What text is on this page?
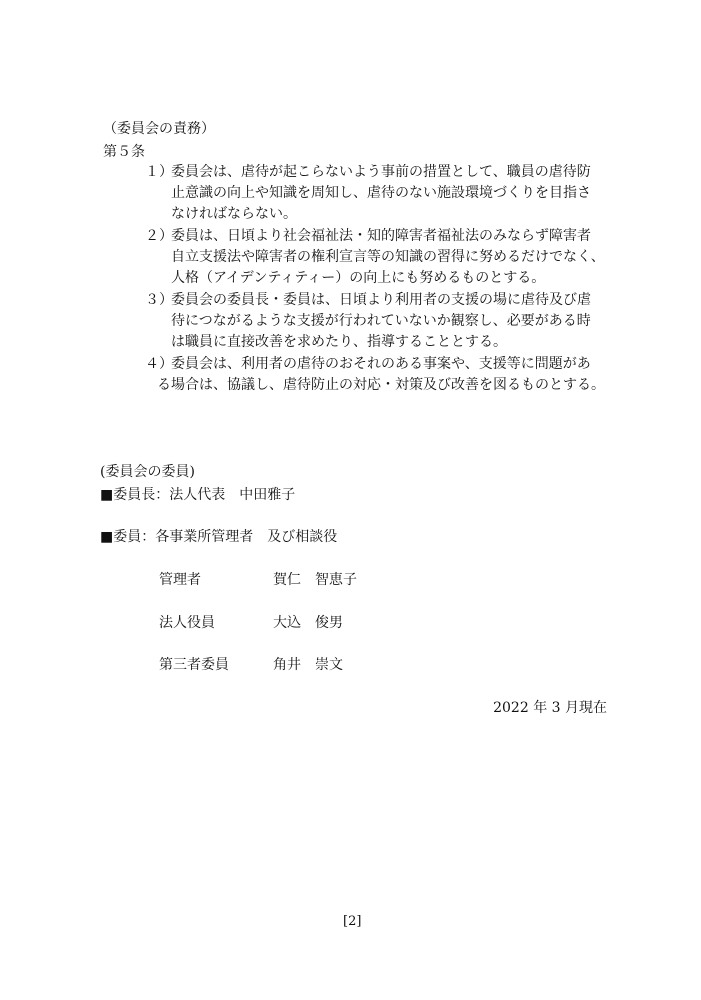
（委員会の責務）
第５条
１）
委員会は、虐待が起こらないよう事前の措置として、職員の虐待防
止意識の向上や知識を周知し、虐待のない施設環境づくりを目指さ
なければならない。
２）
委員は、日頃より社会福祉法・知的障害者福祉法のみならず障害者
自立支援法や障害者の権利宣言等の知識の習得に努めるだけでなく、
人格（アイデンティティー）の向上にも努めるものとする。
３）
委員会の委員長・委員は、日頃より利用者の支援の場に虐待及び虐
待につながるような支援が行われていないか観察し、必要がある時
は職員に直接改善を求めたり、指導することとする。
４）
委員会は、利用者の虐待のおそれのある事案や、支援等に問題があ
る場合は、協議し、虐待防止の対応・対策及び改善を図るものとする。
(委員会の委員)
■委員長：法人代表　中田雅子
■委員：各事業所管理者　及び相談役
管理者	賀仁　智恵子
法人役員	大込　俊男
第三者委員	角井　崇文
2022 年 3 月現在
[2]
